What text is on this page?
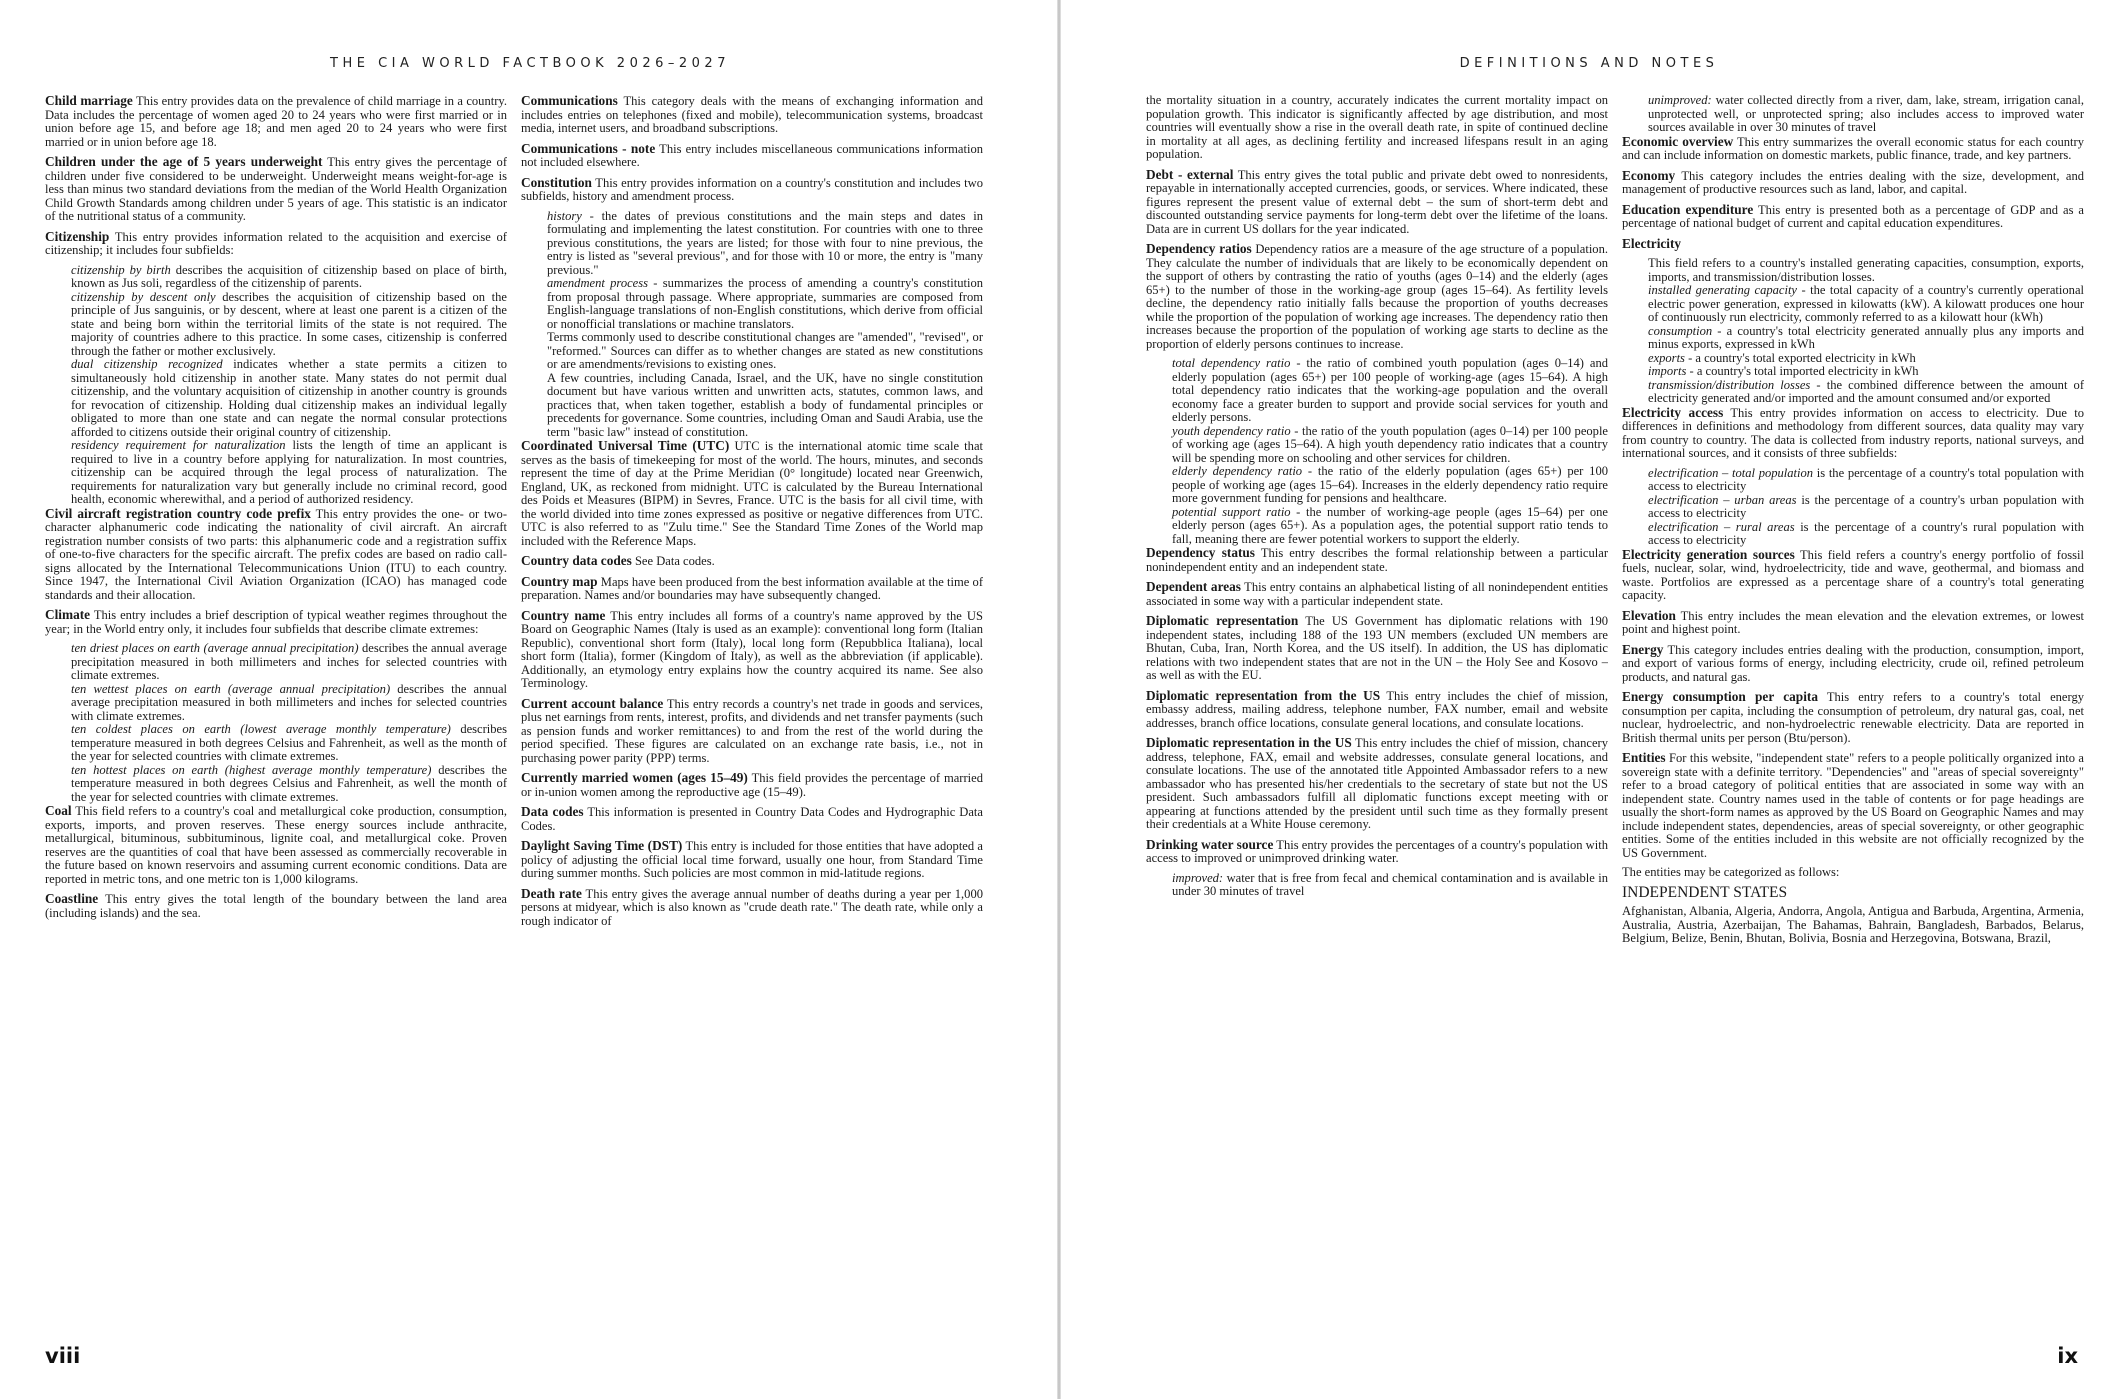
THE CIA WORLD FACTBOOK 2026–2027

Child marriage This entry provides data on the prevalence of child marriage in a country. Data includes the percentage of women aged 20 to 24 years who were first married or in union before age 15, and before age 18; and men aged 20 to 24 years who were first married or in union before age 18.

Children under the age of 5 years underweight This entry gives the percentage of children under five considered to be underweight. Underweight means weight-for-age is less than minus two standard deviations from the median of the World Health Organization Child Growth Standards among children under 5 years of age. This statistic is an indicator of the nutritional status of a community.

Citizenship This entry provides information related to the acquisition and exercise of citizenship; it includes four subfields:

citizenship by birth describes the acquisition of citizenship based on place of birth, known as Jus soli, regardless of the citizenship of parents.

citizenship by descent only describes the acquisition of citizenship based on the principle of Jus sanguinis, or by descent, where at least one parent is a citizen of the state and being born within the territorial limits of the state is not required. The majority of countries adhere to this practice. In some cases, citizenship is conferred through the father or mother exclusively.

dual citizenship recognized indicates whether a state permits a citizen to simultaneously hold citizenship in another state. Many states do not permit dual citizenship, and the voluntary acquisition of citizenship in another country is grounds for revocation of citizenship. Holding dual citizenship makes an individual legally obligated to more than one state and can negate the normal consular protections afforded to citizens outside their original country of citizenship.

residency requirement for naturalization lists the length of time an applicant is required to live in a country before applying for naturalization. In most countries, citizenship can be acquired through the legal process of naturalization. The requirements for naturalization vary but generally include no criminal record, good health, economic wherewithal, and a period of authorized residency.

Civil aircraft registration country code prefix This entry provides the one- or two-character alphanumeric code indicating the nationality of civil aircraft. An aircraft registration number consists of two parts: this alphanumeric code and a registration suffix of one-to-five characters for the specific aircraft. The prefix codes are based on radio call-signs allocated by the International Telecommunications Union (ITU) to each country. Since 1947, the International Civil Aviation Organization (ICAO) has managed code standards and their allocation.

Climate This entry includes a brief description of typical weather regimes throughout the year; in the World entry only, it includes four subfields that describe climate extremes:

ten driest places on earth (average annual precipitation) describes the annual average precipitation measured in both millimeters and inches for selected countries with climate extremes.

ten wettest places on earth (average annual precipitation) describes the annual average precipitation measured in both millimeters and inches for selected countries with climate extremes.

ten coldest places on earth (lowest average monthly temperature) describes temperature measured in both degrees Celsius and Fahrenheit, as well as the month of the year for selected countries with climate extremes.

ten hottest places on earth (highest average monthly temperature) describes the temperature measured in both degrees Celsius and Fahrenheit, as well the month of the year for selected countries with climate extremes.

Coal This field refers to a country's coal and metallurgical coke production, consumption, exports, imports, and proven reserves. These energy sources include anthracite, metallurgical, bituminous, subbituminous, lignite coal, and metallurgical coke. Proven reserves are the quantities of coal that have been assessed as commercially recoverable in the future based on known reservoirs and assuming current economic conditions. Data are reported in metric tons, and one metric ton is 1,000 kilograms.

Coastline This entry gives the total length of the boundary between the land area (including islands) and the sea.

Communications This category deals with the means of exchanging information and includes entries on telephones (fixed and mobile), telecommunication systems, broadcast media, internet users, and broadband subscriptions.

Communications - note This entry includes miscellaneous communications information not included elsewhere.

Constitution This entry provides information on a country's constitution and includes two subfields, history and amendment process.

history - the dates of previous constitutions and the main steps and dates in formulating and implementing the latest constitution. For countries with one to three previous constitutions, the years are listed; for those with four to nine previous, the entry is listed as "several previous", and for those with 10 or more, the entry is "many previous."

amendment process - summarizes the process of amending a country's constitution from proposal through passage. Where appropriate, summaries are composed from English-language translations of non-English constitutions, which derive from official or nonofficial translations or machine translators.

Terms commonly used to describe constitutional changes are "amended", "revised", or "reformed." Sources can differ as to whether changes are stated as new constitutions or are amendments/revisions to existing ones.

A few countries, including Canada, Israel, and the UK, have no single constitution document but have various written and unwritten acts, statutes, common laws, and practices that, when taken together, establish a body of fundamental principles or precedents for governance. Some countries, including Oman and Saudi Arabia, use the term "basic law" instead of constitution.

Coordinated Universal Time (UTC) UTC is the international atomic time scale that serves as the basis of timekeeping for most of the world. The hours, minutes, and seconds represent the time of day at the Prime Meridian (0° longitude) located near Greenwich, England, UK, as reckoned from midnight. UTC is calculated by the Bureau International des Poids et Measures (BIPM) in Sevres, France. UTC is the basis for all civil time, with the world divided into time zones expressed as positive or negative differences from UTC. UTC is also referred to as "Zulu time." See the Standard Time Zones of the World map included with the Reference Maps.

Country data codes See Data codes.

Country map Maps have been produced from the best information available at the time of preparation. Names and/or boundaries may have subsequently changed.

Country name This entry includes all forms of a country's name approved by the US Board on Geographic Names (Italy is used as an example): conventional long form (Italian Republic), conventional short form (Italy), local long form (Repubblica Italiana), local short form (Italia), former (Kingdom of Italy), as well as the abbreviation (if applicable). Additionally, an etymology entry explains how the country acquired its name. See also Terminology.

Current account balance This entry records a country's net trade in goods and services, plus net earnings from rents, interest, profits, and dividends and net transfer payments (such as pension funds and worker remittances) to and from the rest of the world during the period specified. These figures are calculated on an exchange rate basis, i.e., not in purchasing power parity (PPP) terms.

Currently married women (ages 15–49) This field provides the percentage of married or in-union women among the reproductive age (15–49).

Data codes This information is presented in Country Data Codes and Hydrographic Data Codes.

Daylight Saving Time (DST) This entry is included for those entities that have adopted a policy of adjusting the official local time forward, usually one hour, from Standard Time during summer months. Such policies are most common in mid-latitude regions.

Death rate This entry gives the average annual number of deaths during a year per 1,000 persons at midyear, which is also known as "crude death rate." The death rate, while only a rough indicator of

viii
DEFINITIONS AND NOTES

the mortality situation in a country, accurately indicates the current mortality impact on population growth. This indicator is significantly affected by age distribution, and most countries will eventually show a rise in the overall death rate, in spite of continued decline in mortality at all ages, as declining fertility and increased lifespans result in an aging population.

Debt - external This entry gives the total public and private debt owed to nonresidents, repayable in internationally accepted currencies, goods, or services. Where indicated, these figures represent the present value of external debt – the sum of short-term debt and discounted outstanding service payments for long-term debt over the lifetime of the loans. Data are in current US dollars for the year indicated.

Dependency ratios Dependency ratios are a measure of the age structure of a population. They calculate the number of individuals that are likely to be economically dependent on the support of others by contrasting the ratio of youths (ages 0–14) and the elderly (ages 65+) to the number of those in the working-age group (ages 15–64). As fertility levels decline, the dependency ratio initially falls because the proportion of youths decreases while the proportion of the population of working age increases. The dependency ratio then increases because the proportion of the population of working age starts to decline as the proportion of elderly persons continues to increase.

total dependency ratio - the ratio of combined youth population (ages 0–14) and elderly population (ages 65+) per 100 people of working-age (ages 15–64). A high total dependency ratio indicates that the working-age population and the overall economy face a greater burden to support and provide social services for youth and elderly persons.

youth dependency ratio - the ratio of the youth population (ages 0–14) per 100 people of working age (ages 15–64). A high youth dependency ratio indicates that a country will be spending more on schooling and other services for children.

elderly dependency ratio - the ratio of the elderly population (ages 65+) per 100 people of working age (ages 15–64). Increases in the elderly dependency ratio require more government funding for pensions and healthcare.

potential support ratio - the number of working-age people (ages 15–64) per one elderly person (ages 65+). As a population ages, the potential support ratio tends to fall, meaning there are fewer potential workers to support the elderly.

Dependency status This entry describes the formal relationship between a particular nonindependent entity and an independent state.

Dependent areas This entry contains an alphabetical listing of all nonindependent entities associated in some way with a particular independent state.

Diplomatic representation The US Government has diplomatic relations with 190 independent states, including 188 of the 193 UN members (excluded UN members are Bhutan, Cuba, Iran, North Korea, and the US itself). In addition, the US has diplomatic relations with two independent states that are not in the UN – the Holy See and Kosovo – as well as with the EU.

Diplomatic representation from the US This entry includes the chief of mission, embassy address, mailing address, telephone number, FAX number, email and website addresses, branch office locations, consulate general locations, and consulate locations.

Diplomatic representation in the US This entry includes the chief of mission, chancery address, telephone, FAX, email and website addresses, consulate general locations, and consulate locations. The use of the annotated title Appointed Ambassador refers to a new ambassador who has presented his/her credentials to the secretary of state but not the US president. Such ambassadors fulfill all diplomatic functions except meeting with or appearing at functions attended by the president until such time as they formally present their credentials at a White House ceremony.

Drinking water source This entry provides the percentages of a country's population with access to improved or unimproved drinking water.

improved: water that is free from fecal and chemical contamination and is available in under 30 minutes of travel

unimproved: water collected directly from a river, dam, lake, stream, irrigation canal, unprotected well, or unprotected spring; also includes access to improved water sources available in over 30 minutes of travel

Economic overview This entry summarizes the overall economic status for each country and can include information on domestic markets, public finance, trade, and key partners.

Economy This category includes the entries dealing with the size, development, and management of productive resources such as land, labor, and capital.

Education expenditure This entry is presented both as a percentage of GDP and as a percentage of national budget of current and capital education expenditures.

Electricity

This field refers to a country's installed generating capacities, consumption, exports, imports, and transmission/distribution losses.

installed generating capacity - the total capacity of a country's currently operational electric power generation, expressed in kilowatts (kW). A kilowatt produces one hour of continuously run electricity, commonly referred to as a kilowatt hour (kWh)

consumption - a country's total electricity generated annually plus any imports and minus exports, expressed in kWh

exports - a country's total exported electricity in kWh

imports - a country's total imported electricity in kWh

transmission/distribution losses - the combined difference between the amount of electricity generated and/or imported and the amount consumed and/or exported

Electricity access This entry provides information on access to electricity. Due to differences in definitions and methodology from different sources, data quality may vary from country to country. The data is collected from industry reports, national surveys, and international sources, and it consists of three subfields:

electrification – total population is the percentage of a country's total population with access to electricity

electrification – urban areas is the percentage of a country's urban population with access to electricity

electrification – rural areas is the percentage of a country's rural population with access to electricity

Electricity generation sources This field refers a country's energy portfolio of fossil fuels, nuclear, solar, wind, hydroelectricity, tide and wave, geothermal, and biomass and waste. Portfolios are expressed as a percentage share of a country's total generating capacity.

Elevation This entry includes the mean elevation and the elevation extremes, or lowest point and highest point.

Energy This category includes entries dealing with the production, consumption, import, and export of various forms of energy, including electricity, crude oil, refined petroleum products, and natural gas.

Energy consumption per capita This entry refers to a country's total energy consumption per capita, including the consumption of petroleum, dry natural gas, coal, net nuclear, hydroelectric, and non-hydroelectric renewable electricity. Data are reported in British thermal units per person (Btu/person).

Entities For this website, "independent state" refers to a people politically organized into a sovereign state with a definite territory. "Dependencies" and "areas of special sovereignty" refer to a broad category of political entities that are associated in some way with an independent state. Country names used in the table of contents or for page headings are usually the short-form names as approved by the US Board on Geographic Names and may include independent states, dependencies, areas of special sovereignty, or other geographic entities. Some of the entities included in this website are not officially recognized by the US Government.

The entities may be categorized as follows:

INDEPENDENT STATES

Afghanistan, Albania, Algeria, Andorra, Angola, Antigua and Barbuda, Argentina, Armenia, Australia, Austria, Azerbaijan, The Bahamas, Bahrain, Bangladesh, Barbados, Belarus, Belgium, Belize, Benin, Bhutan, Bolivia, Bosnia and Herzegovina, Botswana, Brazil,

ix
